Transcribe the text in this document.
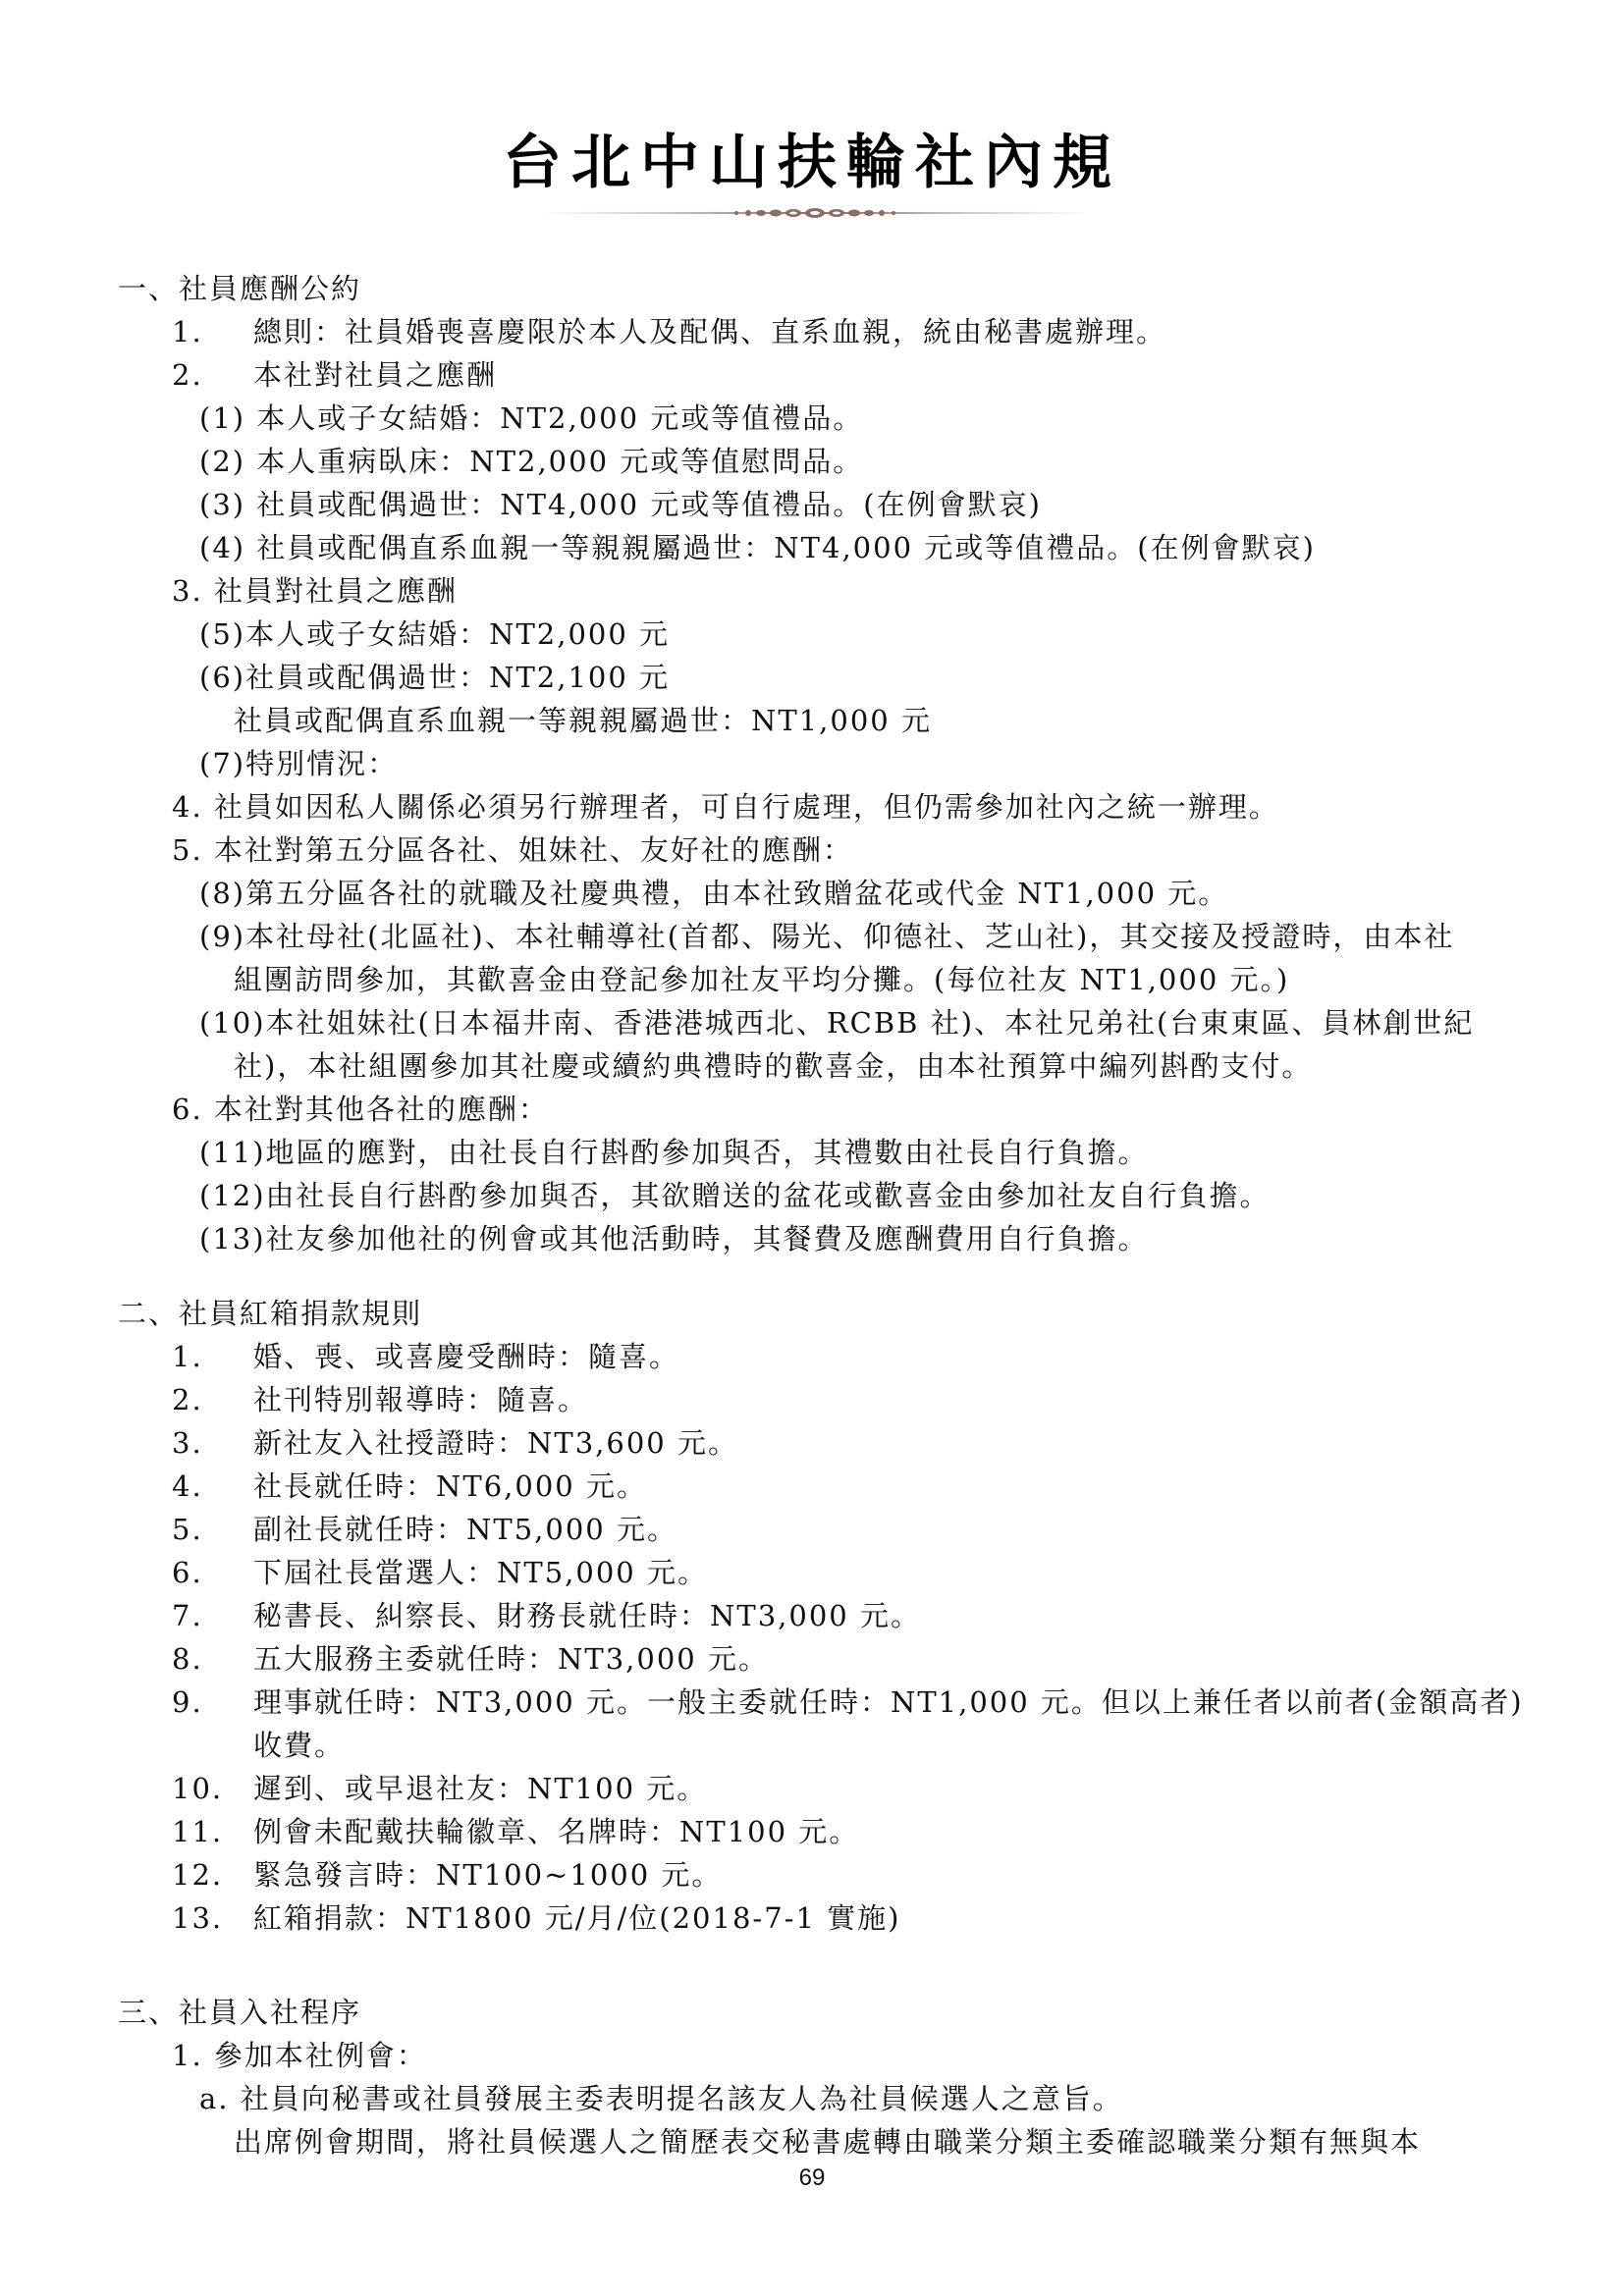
台北中山扶輪社內規
一、社員應酬公約
1. 總則：社員婚喪喜慶限於本人及配偶、直系血親，統由秘書處辦理。
2. 本社對社員之應酬
(1) 本人或子女結婚：NT2,000 元或等值禮品。
(2) 本人重病臥床：NT2,000 元或等值慰問品。
(3) 社員或配偶過世：NT4,000 元或等值禮品。(在例會默哀)
(4) 社員或配偶直系血親一等親親屬過世：NT4,000 元或等值禮品。(在例會默哀)
3. 社員對社員之應酬
(5)本人或子女結婚：NT2,000 元
(6)社員或配偶過世：NT2,100 元
社員或配偶直系血親一等親親屬過世：NT1,000 元
(7)特別情況：
4. 社員如因私人關係必須另行辦理者，可自行處理，但仍需參加社內之統一辦理。
5. 本社對第五分區各社、姐妹社、友好社的應酬：
(8)第五分區各社的就職及社慶典禮，由本社致贈盆花或代金 NT1,000 元。
(9)本社母社(北區社)、本社輔導社(首都、陽光、仰德社、芝山社)，其交接及授證時，由本社
組團訪問參加，其歡喜金由登記參加社友平均分攤。(每位社友 NT1,000 元。)
(10)本社姐妹社(日本福井南、香港港城西北、RCBB 社)、本社兄弟社(台東東區、員林創世紀
社)，本社組團參加其社慶或續約典禮時的歡喜金，由本社預算中編列斟酌支付。
6. 本社對其他各社的應酬：
(11)地區的應對，由社長自行斟酌參加與否，其禮數由社長自行負擔。
(12)由社長自行斟酌參加與否，其欲贈送的盆花或歡喜金由參加社友自行負擔。
(13)社友參加他社的例會或其他活動時，其餐費及應酬費用自行負擔。
二、社員紅箱捐款規則
1. 婚、喪、或喜慶受酬時：隨喜。
2. 社刊特別報導時：隨喜。
3. 新社友入社授證時：NT3,600 元。
4. 社長就任時：NT6,000 元。
5. 副社長就任時：NT5,000 元。
6. 下屆社長當選人：NT5,000 元。
7. 秘書長、糾察長、財務長就任時：NT3,000 元。
8. 五大服務主委就任時：NT3,000 元。
9. 理事就任時：NT3,000 元。一般主委就任時：NT1,000 元。但以上兼任者以前者(金額高者)
收費。
10. 遲到、或早退社友：NT100 元。
11. 例會未配戴扶輪徽章、名牌時：NT100 元。
12. 緊急發言時：NT100~1000 元。
13. 紅箱捐款：NT1800 元/月/位(2018-7-1 實施)
三、社員入社程序
1. 參加本社例會：
a. 社員向秘書或社員發展主委表明提名該友人為社員候選人之意旨。
出席例會期間，將社員候選人之簡歷表交秘書處轉由職業分類主委確認職業分類有無與本
69
